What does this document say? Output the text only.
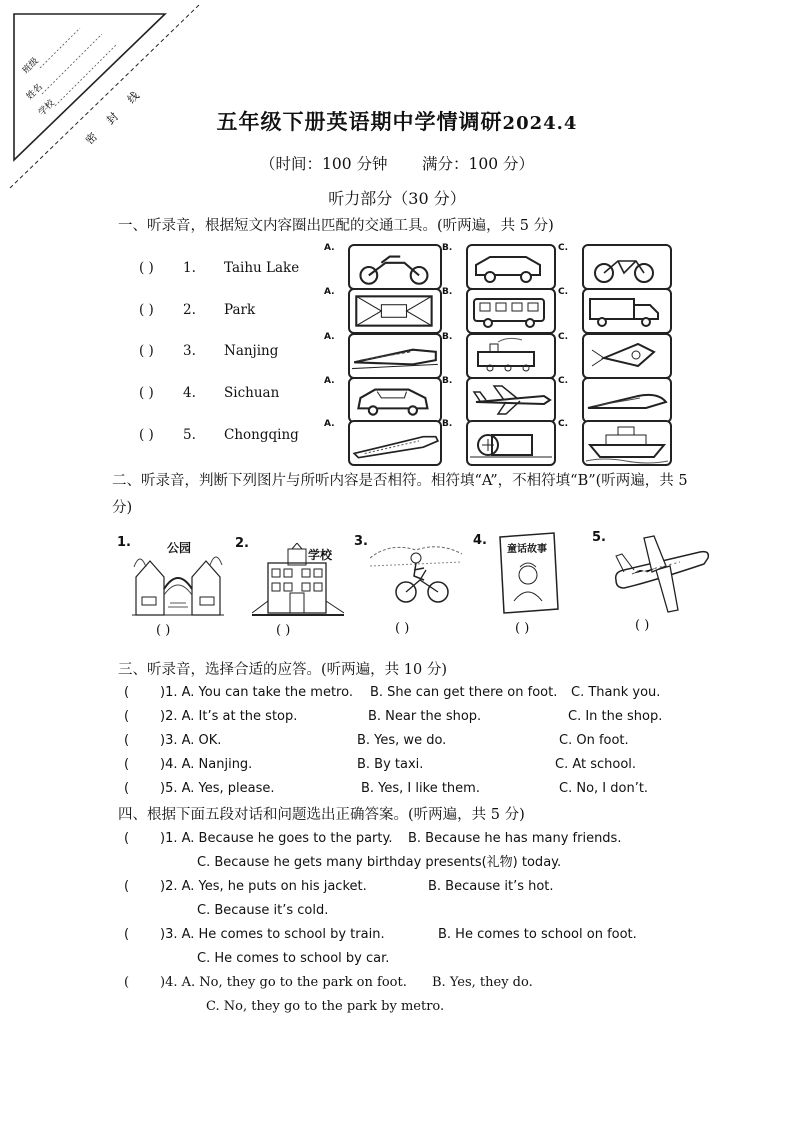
班级
姓名
学校
密
封
线
五年级下册英语期中学情调研2024.4
（时间：100 分钟       满分：100 分）
听力部分（30 分）
一、听录音，根据短文内容圈出匹配的交通工具。(听两遍，共 5 分)
( ) 1. Taihu Lake
( ) 2. Park
( ) 3. Nanjing
( ) 4. Sichuan
( ) 5. Chongqing
A.	B.	C.
A.	B.	C.
A.	B.	C.
A.	B.	C.
A.	B.	C.
二、听录音，判断下列图片与所听内容是否相符。相符填“A”，不相符填“B”(听两遍，共 5 分)
1.	公园
( )
2.
学校
( )
3.
( )
4.
童话故事
( )
5.
( )
三、听录音，选择合适的应答。(听两遍，共 10 分)
( )1. A. You can take the metro. B. She can get there on foot. C. Thank you.
( )2. A. It’s at the stop.	B. Near the shop.	C. In the shop.
( )3. A. OK.	B. Yes, we do.	C. On foot.
( )4. A. Nanjing.	B. By taxi.	C. At school.
( )5. A. Yes, please.	B. Yes, I like them.	C. No, I don’t.
四、根据下面五段对话和问题选出正确答案。(听两遍，共 5 分)
( )1. A. Because he goes to the party. B. Because he has many friends.
C. Because he gets many birthday presents(礼物) today.
( )2. A. Yes, he puts on his jacket.	B. Because it’s hot.
C. Because it’s cold.
( )3. A. He comes to school by train.	B. He comes to school on foot.
C. He comes to school by car.
( )4. A. No, they go to the park on foot. B. Yes, they do.
C. No, they go to the park by metro.
